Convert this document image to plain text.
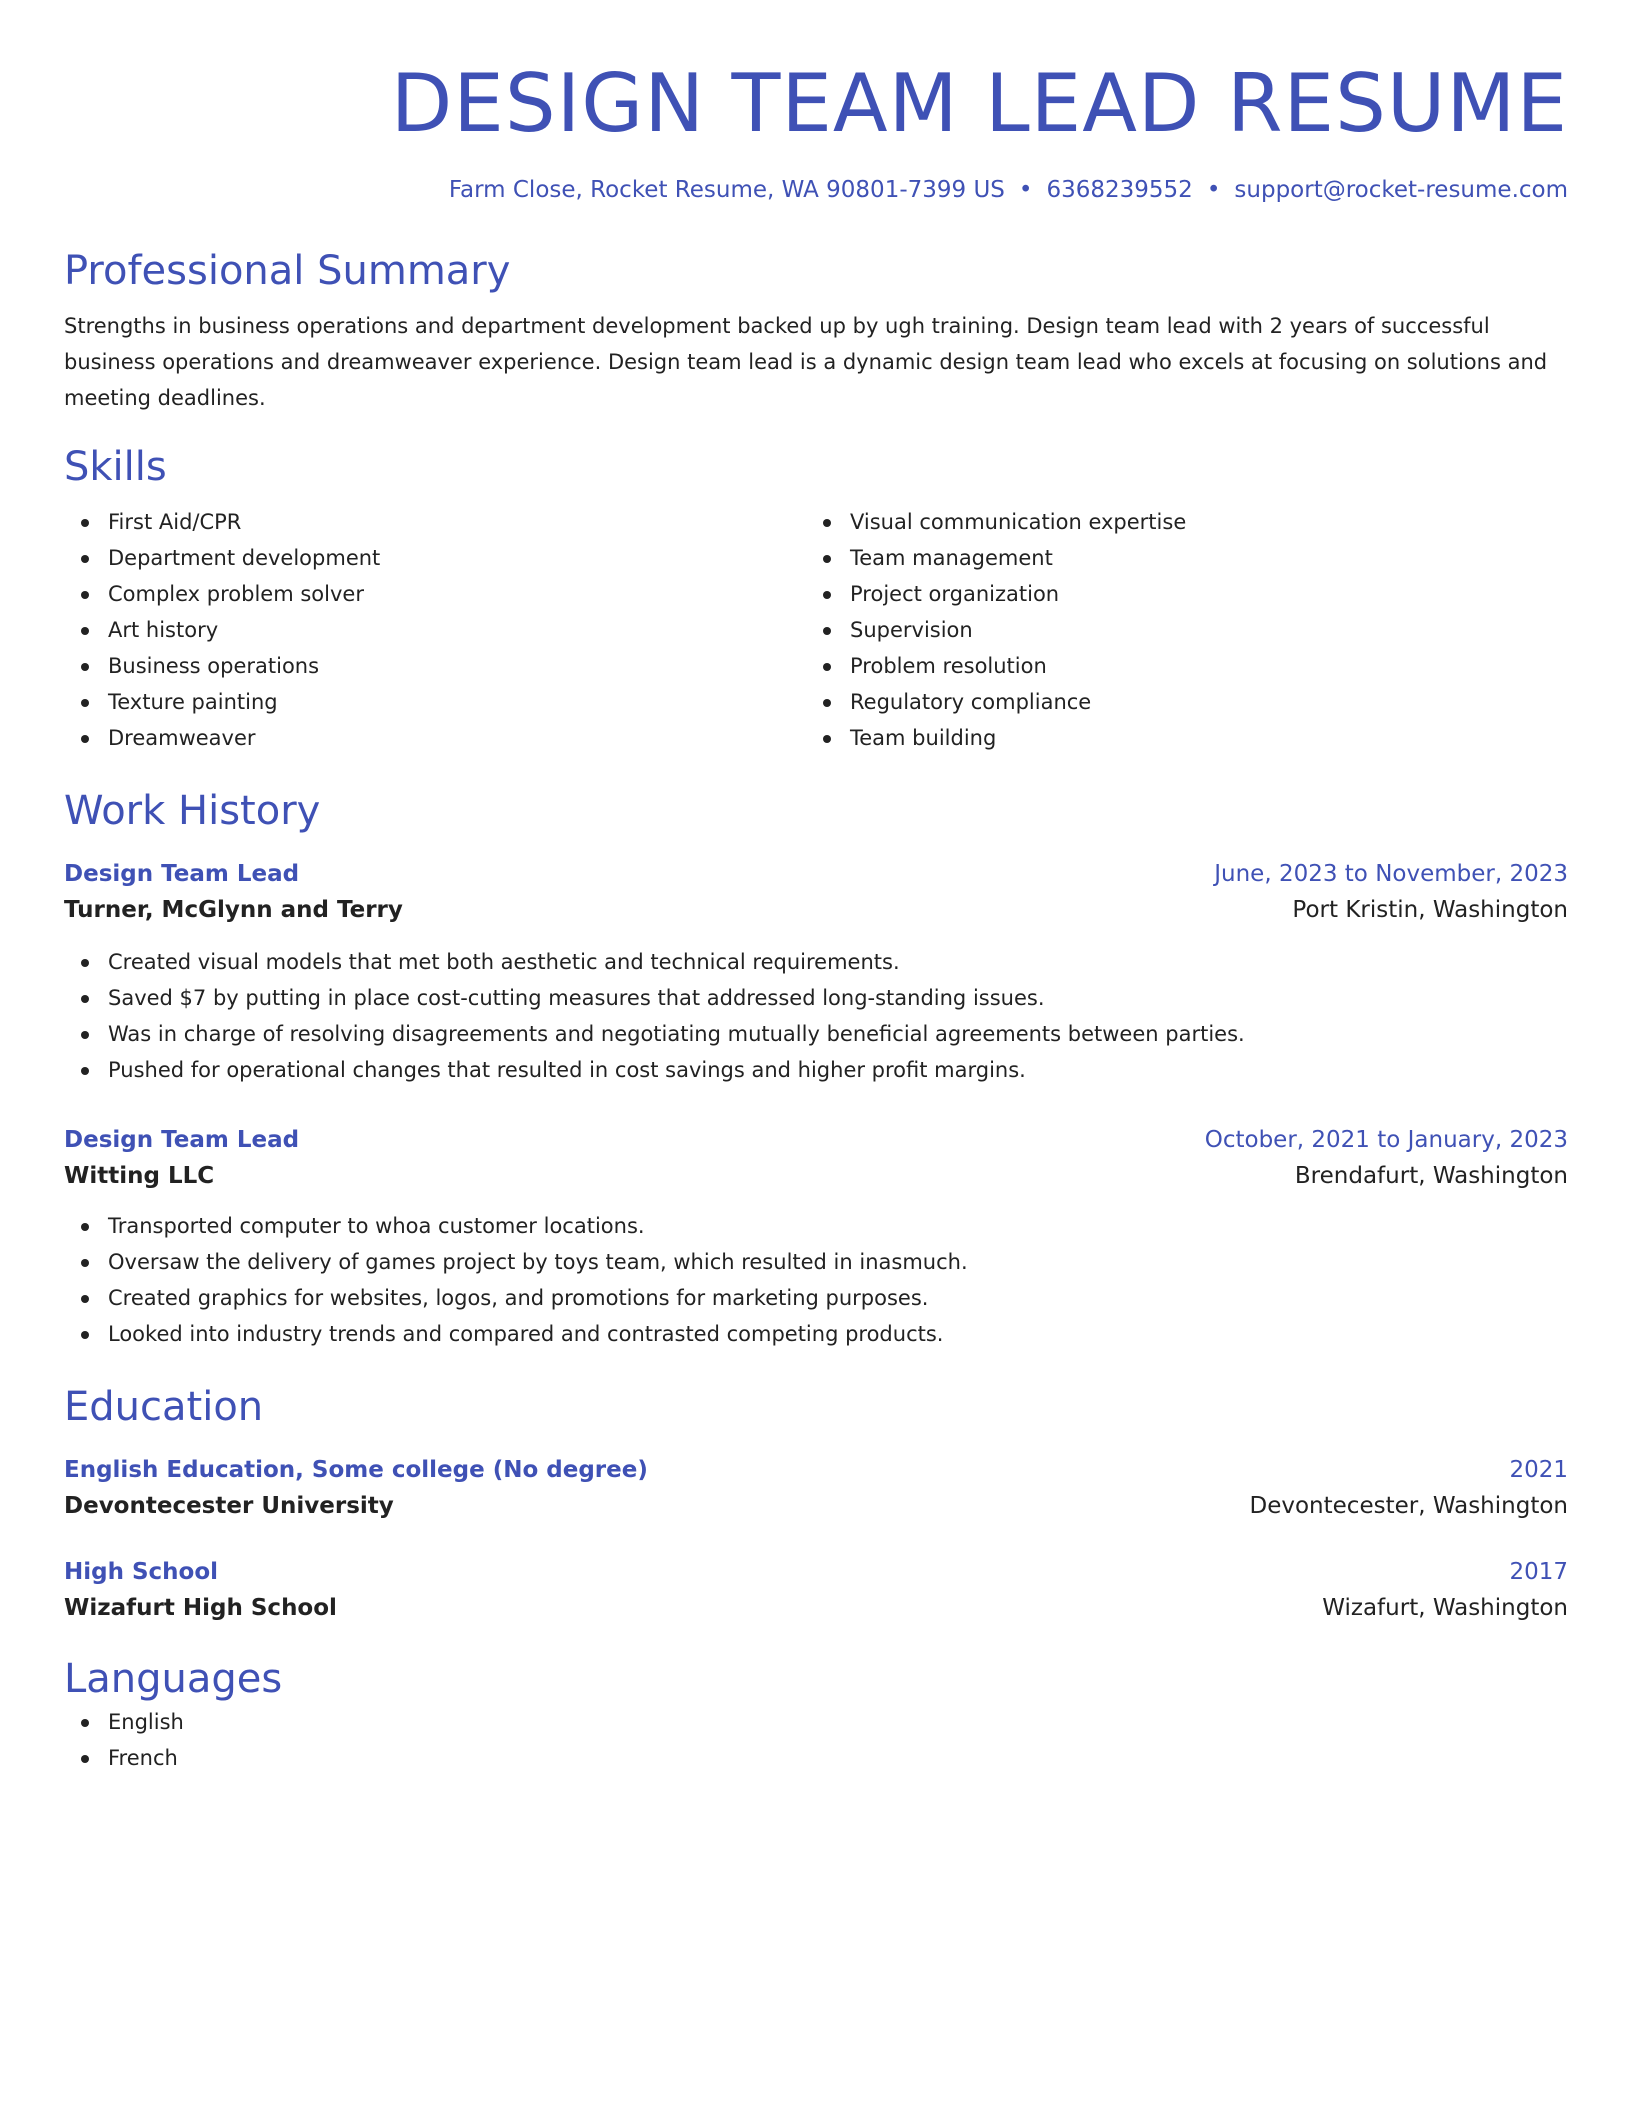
DESIGN TEAM LEAD RESUME
Farm Close, Rocket Resume, WA 90801-7399 US • 6368239552 • support@rocket-resume.com
Professional Summary
Strengths in business operations and department development backed up by ugh training. Design team lead with 2 years of successful business operations and dreamweaver experience. Design team lead is a dynamic design team lead who excels at focusing on solutions and meeting deadlines.
Skills
First Aid/CPR
Department development
Complex problem solver
Art history
Business operations
Texture painting
Dreamweaver
Visual communication expertise
Team management
Project organization
Supervision
Problem resolution
Regulatory compliance
Team building
Work History
Design Team Lead	June, 2023 to November, 2023
Turner, McGlynn and Terry	Port Kristin, Washington
Created visual models that met both aesthetic and technical requirements.
Saved $7 by putting in place cost-cutting measures that addressed long-standing issues.
Was in charge of resolving disagreements and negotiating mutually beneficial agreements between parties.
Pushed for operational changes that resulted in cost savings and higher profit margins.
Design Team Lead	October, 2021 to January, 2023
Witting LLC	Brendafurt, Washington
Transported computer to whoa customer locations.
Oversaw the delivery of games project by toys team, which resulted in inasmuch.
Created graphics for websites, logos, and promotions for marketing purposes.
Looked into industry trends and compared and contrasted competing products.
Education
English Education, Some college (No degree)	2021
Devontecester University	Devontecester, Washington
High School	2017
Wizafurt High School	Wizafurt, Washington
Languages
English
French
